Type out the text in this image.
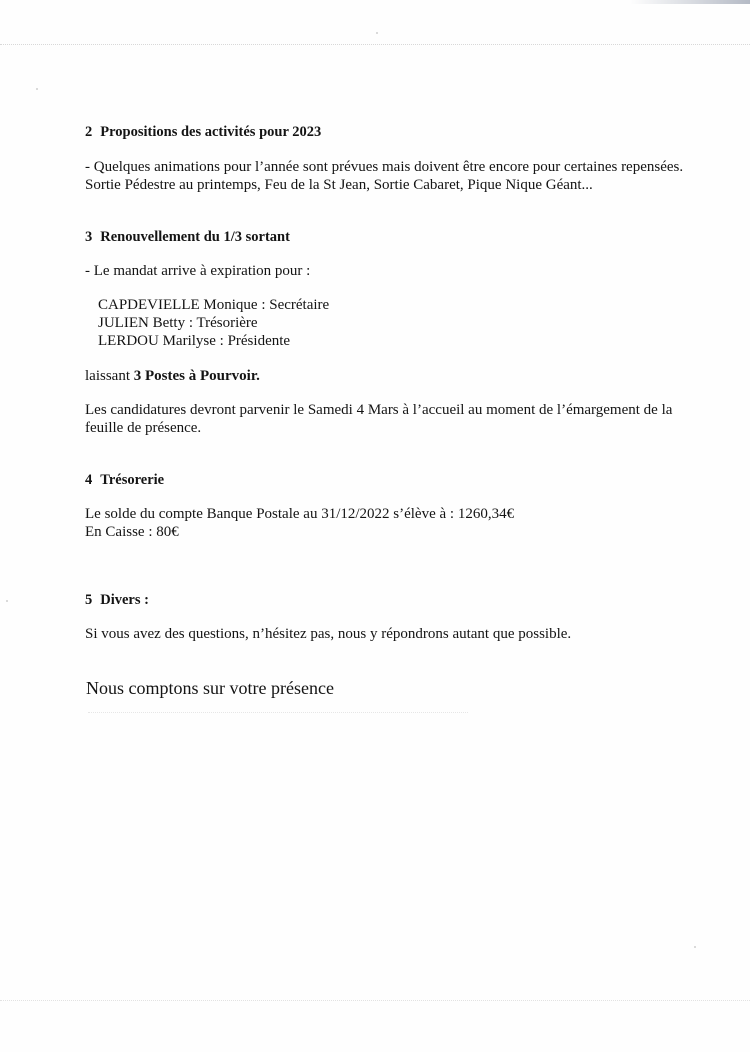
2 Propositions des activités pour 2023

- Quelques animations pour l’année sont prévues mais doivent être encore pour certaines repensées.

Sortie Pédestre au printemps, Feu de la St Jean, Sortie Cabaret, Pique Nique Géant...

3 Renouvellement du 1/3 sortant

- Le mandat arrive à expiration pour :

CAPDEVIELLE Monique : Secrétaire

JULIEN Betty : Trésorière

LERDOU Marilyse : Présidente

laissant 3 Postes à Pourvoir.

Les candidatures devront parvenir le Samedi 4 Mars à l’accueil au moment de l’émargement de la

feuille de présence.

4 Trésorerie

Le solde du compte Banque Postale au 31/12/2022 s’élève à : 1260,34€

En Caisse : 80€

5 Divers :

Si vous avez des questions, n’hésitez pas, nous y répondrons autant que possible.

Nous comptons sur votre présence
